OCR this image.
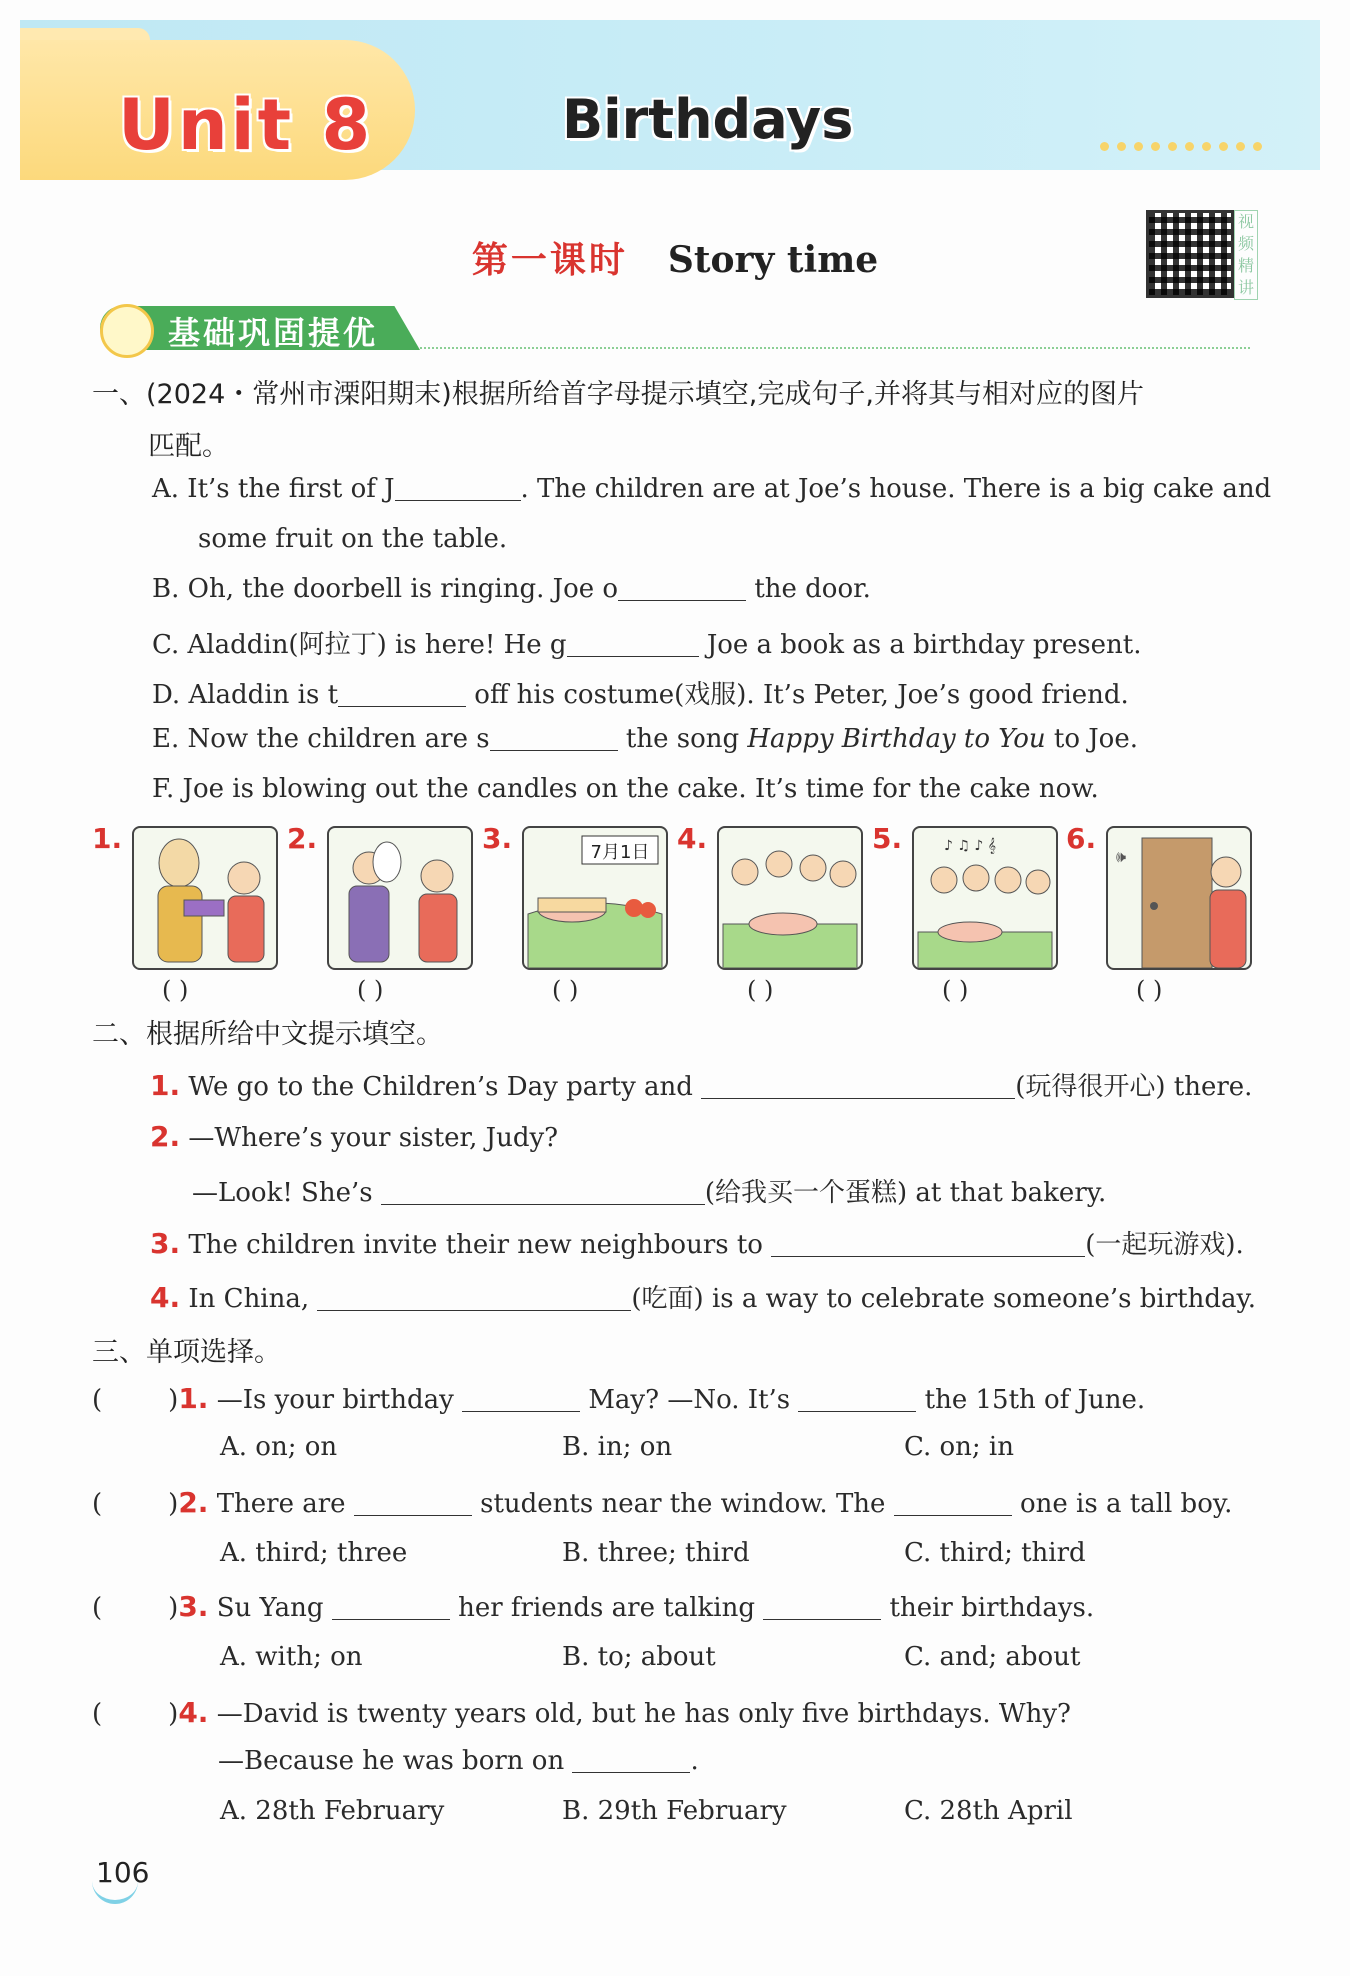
Unit 8	Birthdays
第一课时 Story time
视频精讲
基础巩固提优
一、(2024・常州市溧阳期末)根据所给首字母提示填空,完成句子,并将其与相对应的图片
匹配。
A. It’s the first of J	. The children are at Joe’s house. There is a big cake and
some fruit on the table.
B. Oh, the doorbell is ringing. Joe o	the door.
C. Aladdin(阿拉丁) is here! He g	Joe a book as a birthday present.
D. Aladdin is t	off his costume(戏服). It’s Peter, Joe’s good friend.
E. Now the children are s	the song Happy Birthday to You to Joe.
F. Joe is blowing out the candles on the cake. It’s time for the cake now.
1.	2.	3.	7月1日 4.	5.	♪ ♫ ♪ 𝄞 6.
🕪
( )	( )	( )	( )	( )	( )
二、根据所给中文提示填空。
1. We go to the Children’s Day party and	(玩得很开心) there.
2. —Where’s your sister, Judy?
—Look! She’s	(给我买一个蛋糕) at that bakery.
3. The children invite their new neighbours to	(一起玩游戏).
4. In China,	(吃面) is a way to celebrate someone’s birthday.
三、单项选择。
(	)1. —Is your birthday	May? —No. It’s	the 15th of June.
A. on; on	B. in; on	C. on; in
(	)2. There are	students near the window. The	one is a tall boy.
A. third; three	B. three; third	C. third; third
(	)3. Su Yang	her friends are talking	their birthdays.
A. with; on	B. to; about	C. and; about
(	)4. —David is twenty years old, but he has only five birthdays. Why?
—Because he was born on	.
A. 28th February	B. 29th February	C. 28th April
106
